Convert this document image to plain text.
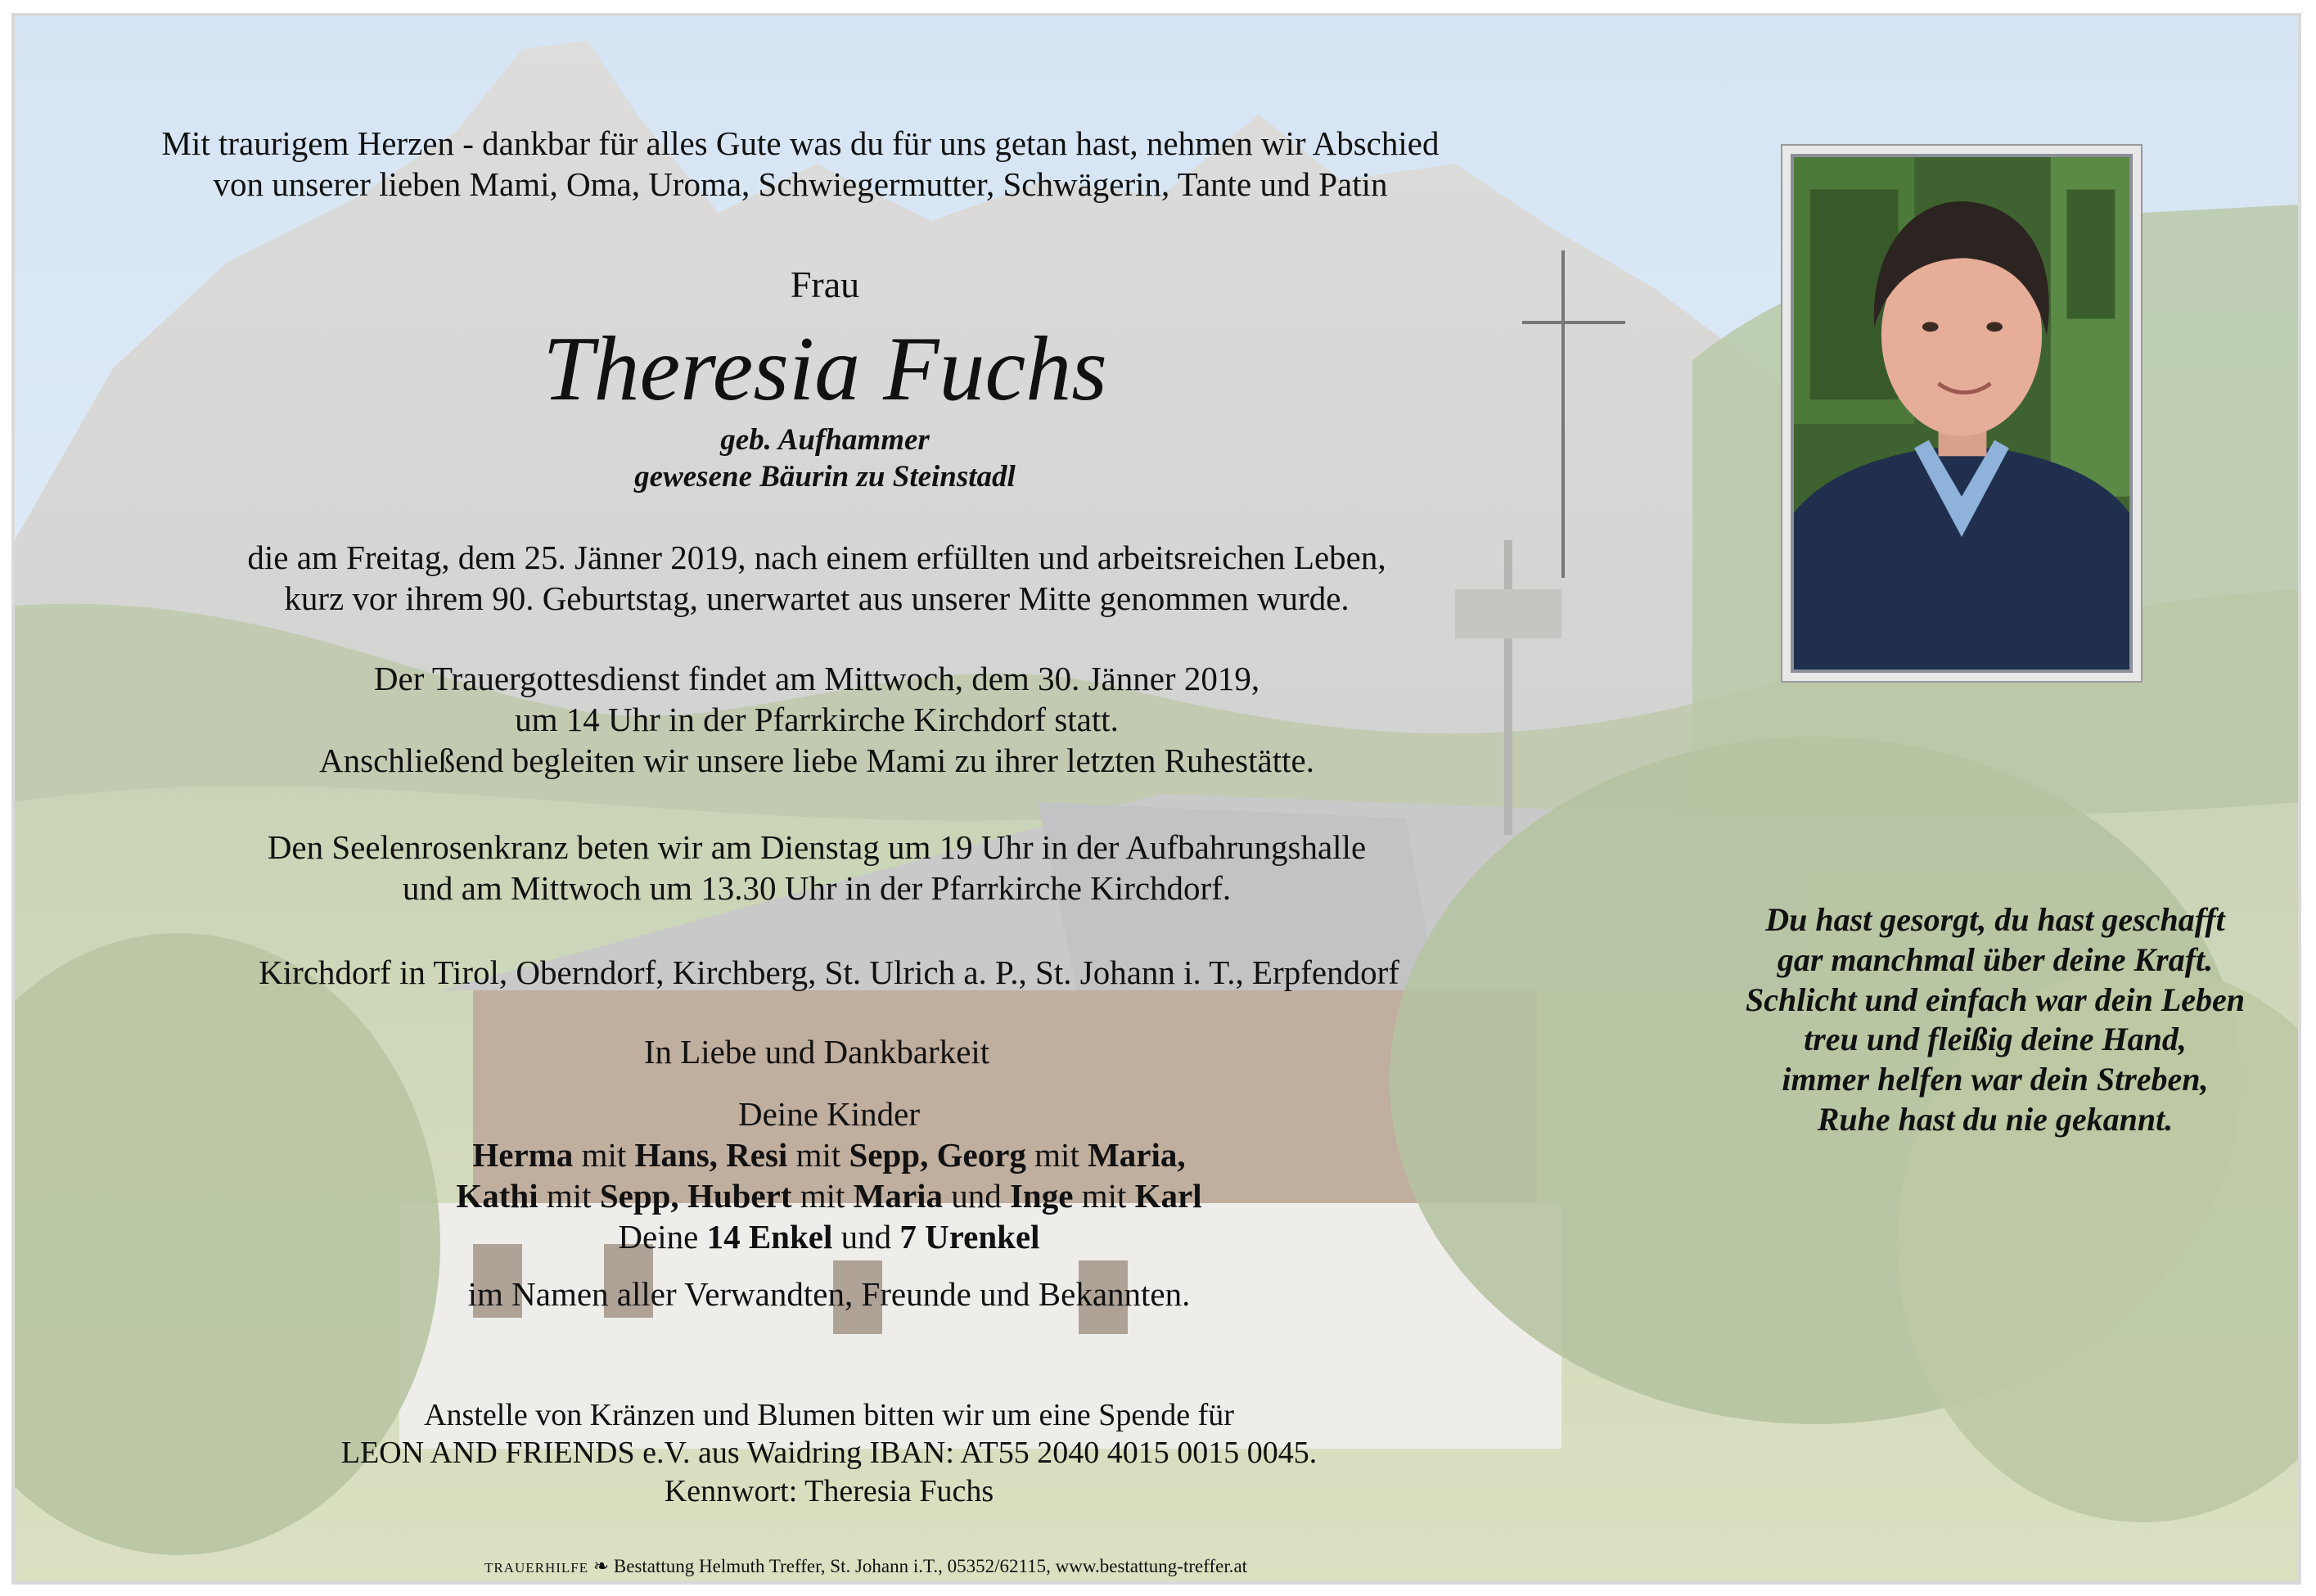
Mit traurigem Herzen - dankbar für alles Gute was du für uns getan hast, nehmen wir Abschied
von unserer lieben Mami, Oma, Uroma, Schwiegermutter, Schwägerin, Tante und Patin
Frau
Theresia Fuchs
geb. Aufhammer
gewesene Bäurin zu Steinstadl
die am Freitag, dem 25. Jänner 2019, nach einem erfüllten und arbeitsreichen Leben,
kurz vor ihrem 90. Geburtstag, unerwartet aus unserer Mitte genommen wurde.
Der Trauergottesdienst findet am Mittwoch, dem 30. Jänner 2019,
um 14 Uhr in der Pfarrkirche Kirchdorf statt.
Anschließend begleiten wir unsere liebe Mami zu ihrer letzten Ruhestätte.
Den Seelenrosenkranz beten wir am Dienstag um 19 Uhr in der Aufbahrungshalle
und am Mittwoch um 13.30 Uhr in der Pfarrkirche Kirchdorf.
Kirchdorf in Tirol, Oberndorf, Kirchberg, St. Ulrich a. P., St. Johann i. T., Erpfendorf
In Liebe und Dankbarkeit
Deine Kinder
Herma mit Hans, Resi mit Sepp, Georg mit Maria,
Kathi mit Sepp, Hubert mit Maria und Inge mit Karl
Deine 14 Enkel und 7 Urenkel
im Namen aller Verwandten, Freunde und Bekannten.
Anstelle von Kränzen und Blumen bitten wir um eine Spende für
LEON AND FRIENDS e.V. aus Waidring IBAN: AT55 2040 4015 0015 0045.
Kennwort: Theresia Fuchs
Du hast gesorgt, du hast geschafft
gar manchmal über deine Kraft.
Schlicht und einfach war dein Leben
treu und fleißig deine Hand,
immer helfen war dein Streben,
Ruhe hast du nie gekannt.
TRAUERHILFE ❧ Bestattung Helmuth Treffer, St. Johann i.T., 05352/62115, www.bestattung-treffer.at
